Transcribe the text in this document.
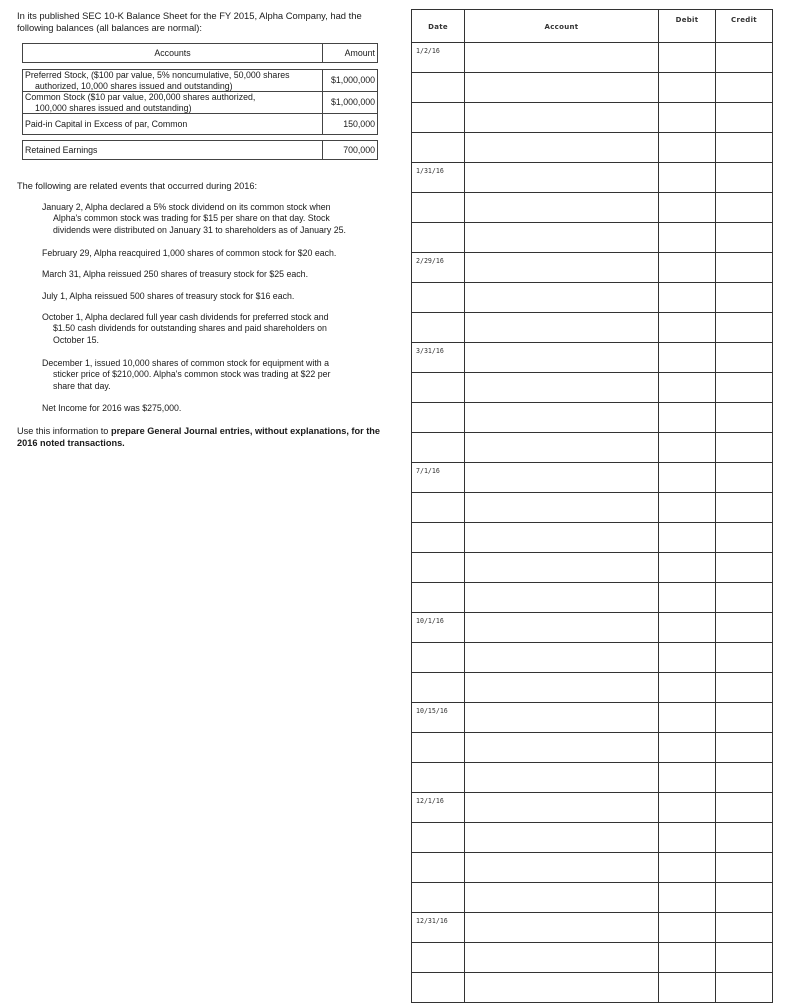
In its published SEC 10-K Balance Sheet for the FY 2015, Alpha Company, had the following balances (all balances are normal):

Accounts	Amount

Preferred Stock, ($100 par value, 5% noncumulative, 50,000 shares
authorized, 10,000 shares issued and outstanding)	$1,000,000
Common Stock ($10 par value, 200,000 shares authorized,
100,000 shares issued and outstanding)	$1,000,000
Paid-in Capital in Excess of par, Common	150,000

Retained Earnings	700,000

The following are related events that occurred during 2016:

January 2, Alpha declared a 5% stock dividend on its common stock when
Alpha's common stock was trading for $15 per share on that day. Stock
dividends were distributed on January 31 to shareholders as of January 25.

February 29, Alpha reacquired 1,000 shares of common stock for $20 each.

March 31, Alpha reissued 250 shares of treasury stock for $25 each.

July 1, Alpha reissued 500 shares of treasury stock for $16 each.

October 1, Alpha declared full year cash dividends for preferred stock and
$1.50 cash dividends for outstanding shares and paid shareholders on
October 15.

December 1, issued 10,000 shares of common stock for equipment with a
sticker price of $210,000. Alpha's common stock was trading at $22 per
share that day.

Net Income for 2016 was $275,000.

Use this information to prepare General Journal entries, without explanations, for the 2016 noted transactions.

Date	Account	Debit	Credit
1/2/16			

1/31/16			

2/29/16			

3/31/16			

7/1/16			

10/1/16			

10/15/16			

12/1/16			

12/31/16			
